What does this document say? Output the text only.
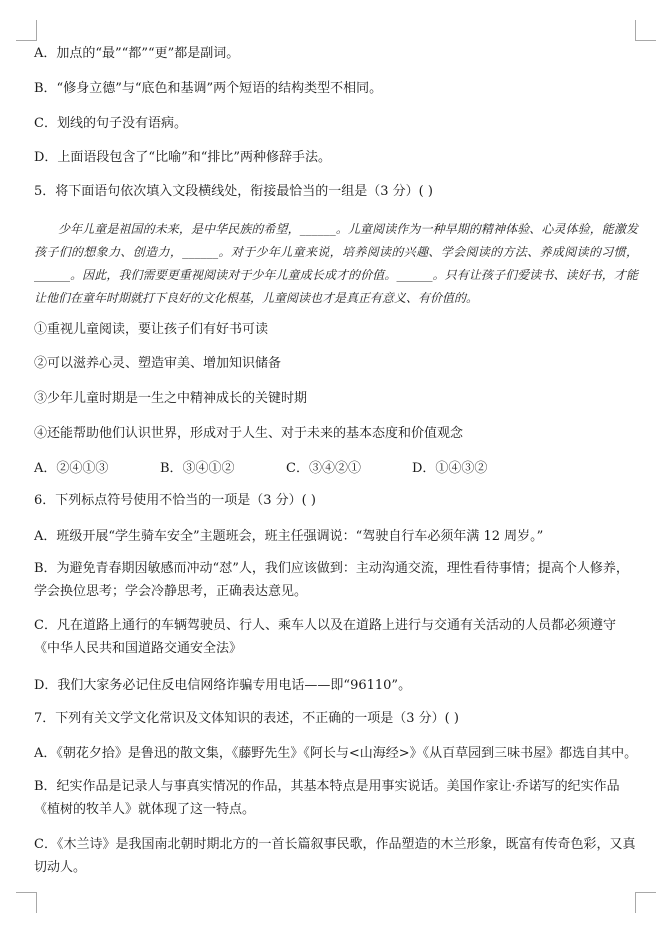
A．加点的“最”“都”“更”都是副词。
B．“修身立德”与“底色和基调”两个短语的结构类型不相同。
C．划线的句子没有语病。
D．上面语段包含了“比喻”和“排比”两种修辞手法。
5．将下面语句依次填入文段横线处，衔接最恰当的一组是（3 分）( )

少年儿童是祖国的未来，是中华民族的希望，______。儿童阅读作为一种早期的精神体验、心灵体验，能激发孩子们的想象力、创造力，______。对于少年儿童来说，培养阅读的兴趣、学会阅读的方法、养成阅读的习惯，______。因此，我们需要更重视阅读对于少年儿童成长成才的价值。______。只有让孩子们爱读书、读好书，才能让他们在童年时期就打下良好的文化根基，儿童阅读也才是真正有意义、有价值的。

①重视儿童阅读，要让孩子们有好书可读
②可以滋养心灵、塑造审美、增加知识储备
③少年儿童时期是一生之中精神成长的关键时期
④还能帮助他们认识世界，形成对于人生、对于未来的基本态度和价值观念
A．②④①③	B．③④①②	C．③④②①	D．①④③②
6．下列标点符号使用不恰当的一项是（3 分）( )
A．班级开展“学生骑车安全”主题班会，班主任强调说：“驾驶自行车必须年满 12 周岁。”
B．为避免青春期因敏感而冲动“怼”人，我们应该做到：主动沟通交流，理性看待事情；提高个人修养，学会换位思考；学会冷静思考，正确表达意见。
C．凡在道路上通行的车辆驾驶员、行人、乘车人以及在道路上进行与交通有关活动的人员都必须遵守《中华人民共和国道路交通安全法》
D．我们大家务必记住反电信网络诈骗专用电话——即“96110”。
7．下列有关文学文化常识及文体知识的表述，不正确的一项是（3 分）( )
A．《朝花夕拾》是鲁迅的散文集，《藤野先生》《阿长与<山海经>》《从百草园到三味书屋》都选自其中。
B．纪实作品是记录人与事真实情况的作品，其基本特点是用事实说话。美国作家让·乔诺写的纪实作品《植树的牧羊人》就体现了这一特点。
C．《木兰诗》是我国南北朝时期北方的一首长篇叙事民歌，作品塑造的木兰形象，既富有传奇色彩，又真切动人。
